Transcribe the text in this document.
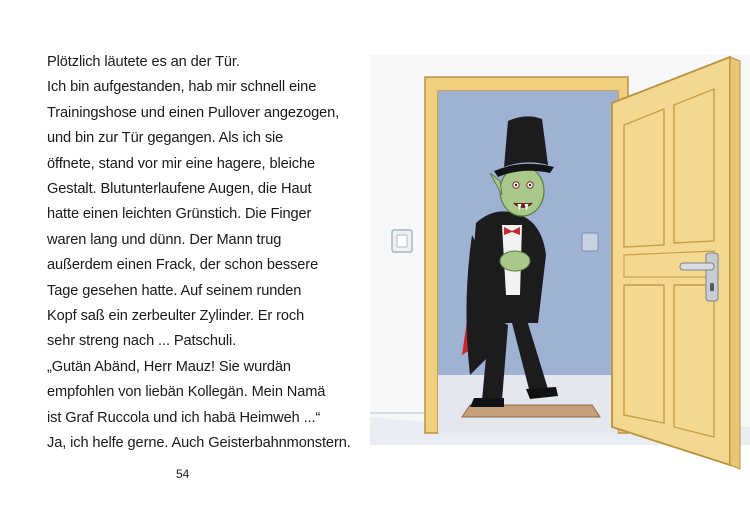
Plötzlich läutete es an der Tür.
Ich bin aufgestanden, hab mir schnell eine
Trainingshose und einen Pullover angezogen,
und bin zur Tür gegangen. Als ich sie
öffnete, stand vor mir eine hagere, bleiche
Gestalt. Blutunterlaufene Augen, die Haut
hatte einen leichten Grünstich. Die Finger
waren lang und dünn. Der Mann trug
außerdem einen Frack, der schon bessere
Tage gesehen hatte. Auf seinem runden
Kopf saß ein zerbeulter Zylinder. Er roch
sehr streng nach ... Patschuli.
„Gutän Abänd, Herr Mauz! Sie wurdän
empfohlen von liebän Kollegän. Mein Namä
ist Graf Ruccola und ich habä Heimweh ...“
Ja, ich helfe gerne. Auch Geisterbahnmonstern.
54
